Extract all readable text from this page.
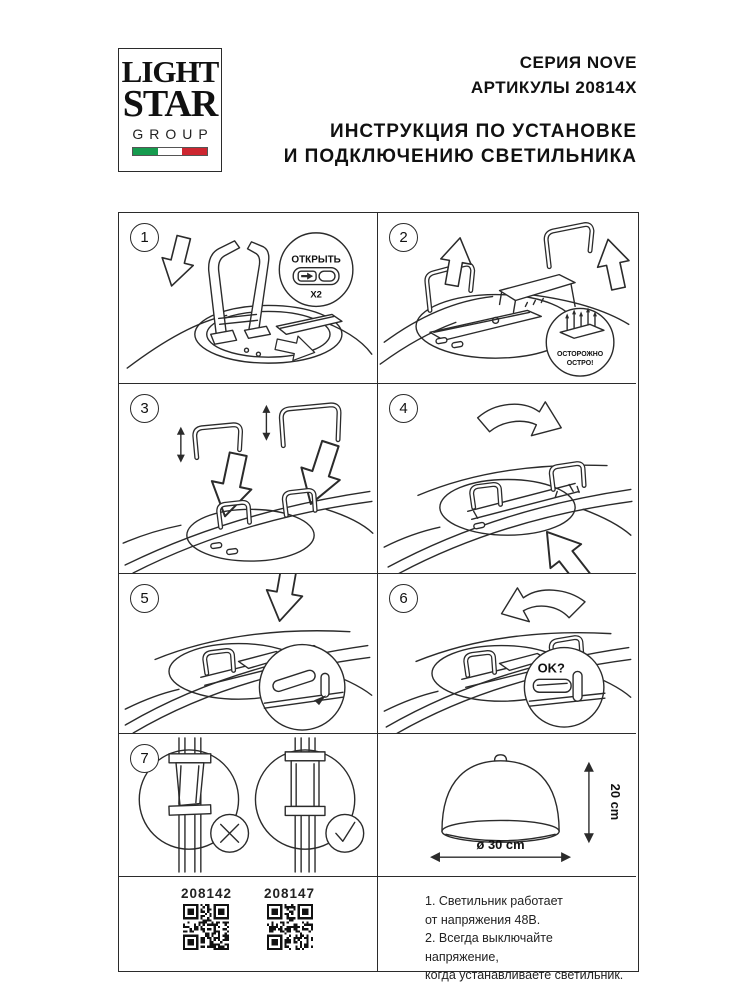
LIGHT
STAR
GROUP
СЕРИЯ NOVE
АРТИКУЛЫ 20814X
ИНСТРУКЦИЯ ПО УСТАНОВКЕ
И ПОДКЛЮЧЕНИЮ СВЕТИЛЬНИКА
1
ОТКРЫТЬ
X2
2
ОСТОРОЖНО
ОСТРО!
3	4
5	6
OK?
7
20 cm
ø 30 cm
208142 208147	1. Светильник работает
от напряжения 48В.
2. Всегда выключайте напряжение,
когда устанавливаете светильник.
